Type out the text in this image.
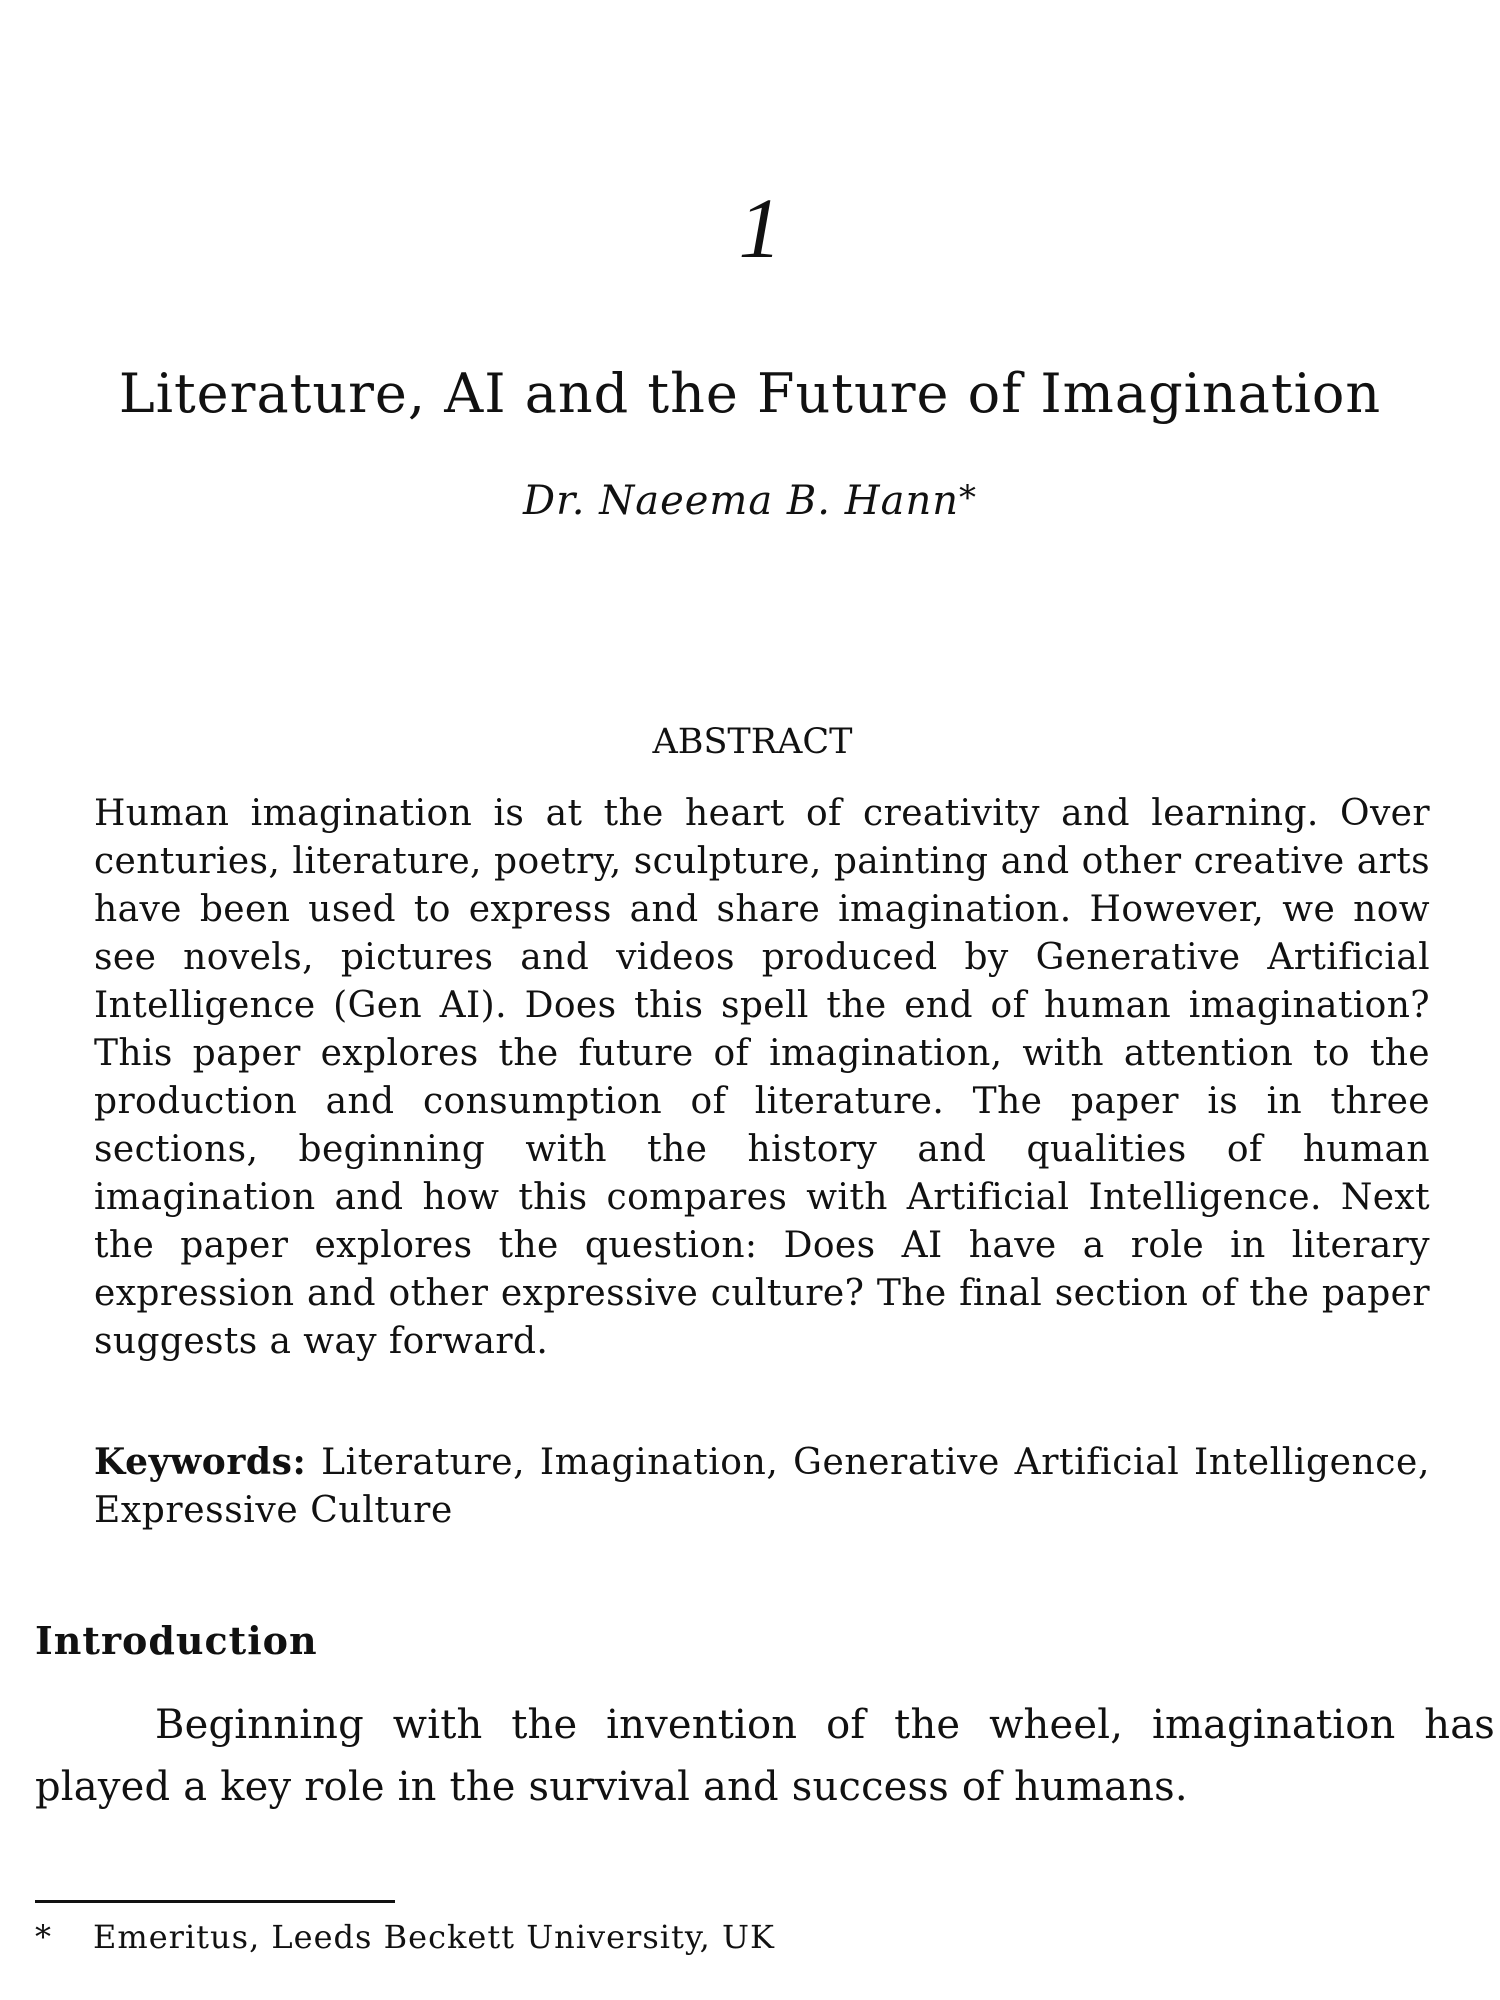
1
Literature, AI and the Future of Imagination

Dr. Naeema B. Hann*

ABSTRACT

Human imagination is at the heart of creativity and learning. Over centuries, literature, poetry, sculpture, painting and other creative arts have been used to express and share imagination. However, we now see novels, pictures and videos produced by Generative Artificial Intelligence (Gen AI). Does this spell the end of human imagination? This paper explores the future of imagination, with attention to the production and consumption of literature. The paper is in three sections, beginning with the history and qualities of human imagination and how this compares with Artificial Intelligence. Next the paper explores the question: Does AI have a role in literary expression and other expressive culture? The final section of the paper suggests a way forward.

Keywords: Literature, Imagination, Generative Artificial Intelligence, Expressive Culture

Introduction

Beginning with the invention of the wheel, imagination has played a key role in the survival and success of humans.

* Emeritus, Leeds Beckett University, UK
